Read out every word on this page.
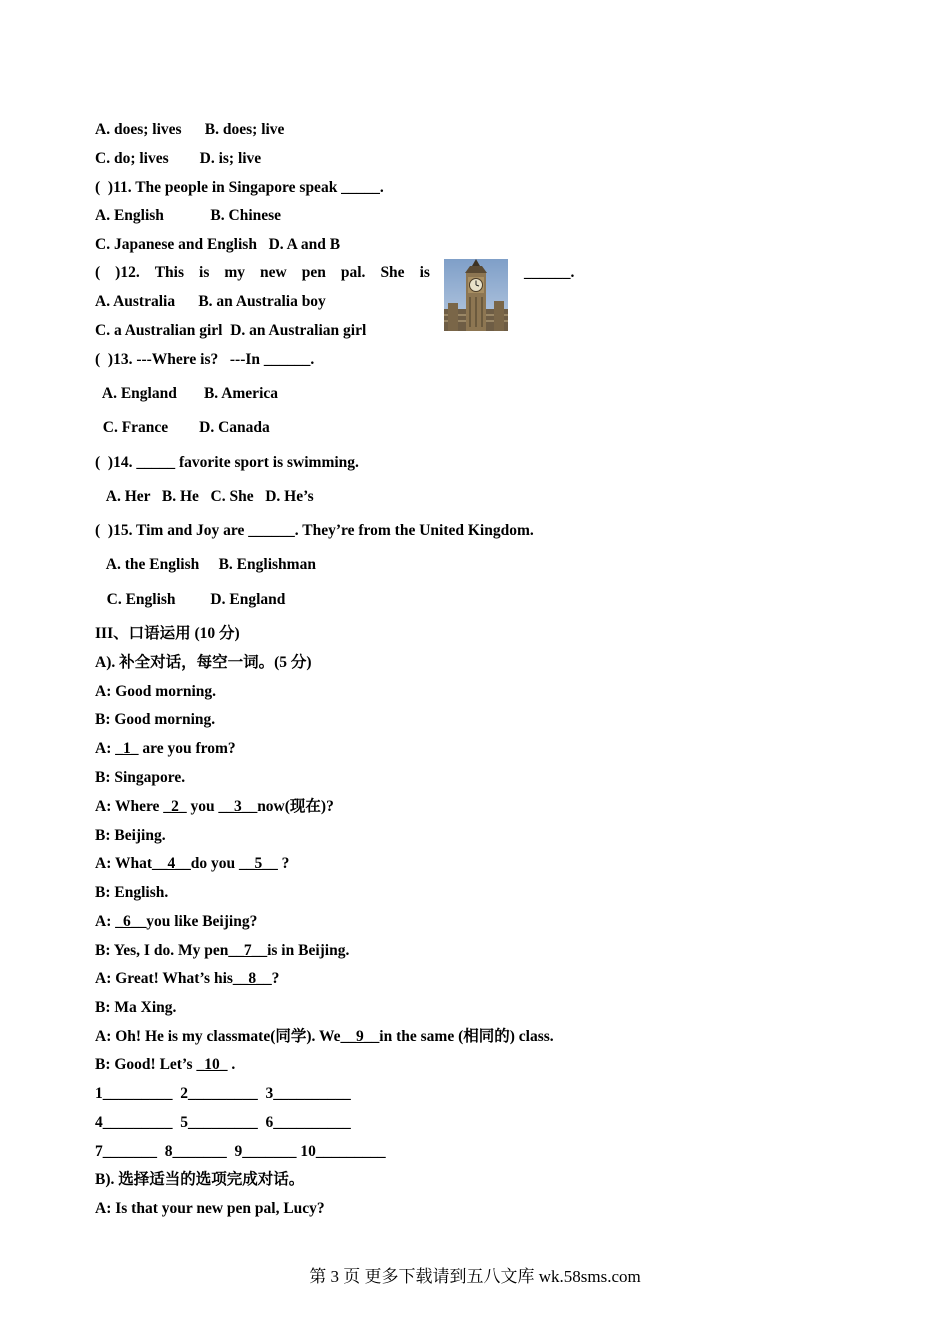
A. does; lives      B. does; live
C. do; lives        D. is; live
(  )11. The people in Singapore speak _____.
A. English            B. Chinese
C. Japanese and English   D. A and B
( )12. This is my new pen pal. She is	______.
A. Australia      B. an Australia boy
C. a Australian girl  D. an Australian girl
(  )13. ---Where is?   ---In ______.
A. England       B. America
C. France        D. Canada
(  )14. _____ favorite sport is swimming.
A. Her   B. He   C. She   D. He’s
(  )15. Tim and Joy are ______. They’re from the United Kingdom.
A. the English     B. Englishman
C. English         D. England
III、口语运用 (10 分)
A). 补全对话，每空一词。(5 分)
A: Good morning.
B: Good morning.
A: _1_ are you from?
B: Singapore.
A: Where _2_ you __3__now(现在)?
B: Beijing.
A: What__4__do you __5__ ?
B: English.
A: _6__you like Beijing?
B: Yes, I do. My pen__7__is in Beijing.
A: Great! What’s his__8__?
B: Ma Xing.
A: Oh! He is my classmate(同学). We__9__in the same (相同的) class.
B: Good! Let’s _10_ .
1_________  2_________  3__________
4_________  5_________  6__________
7_______  8_______  9_______ 10_________
B). 选择适当的选项完成对话。
A: Is that your new pen pal, Lucy?
第 3 页 更多下载请到五八文库 wk.58sms.com
